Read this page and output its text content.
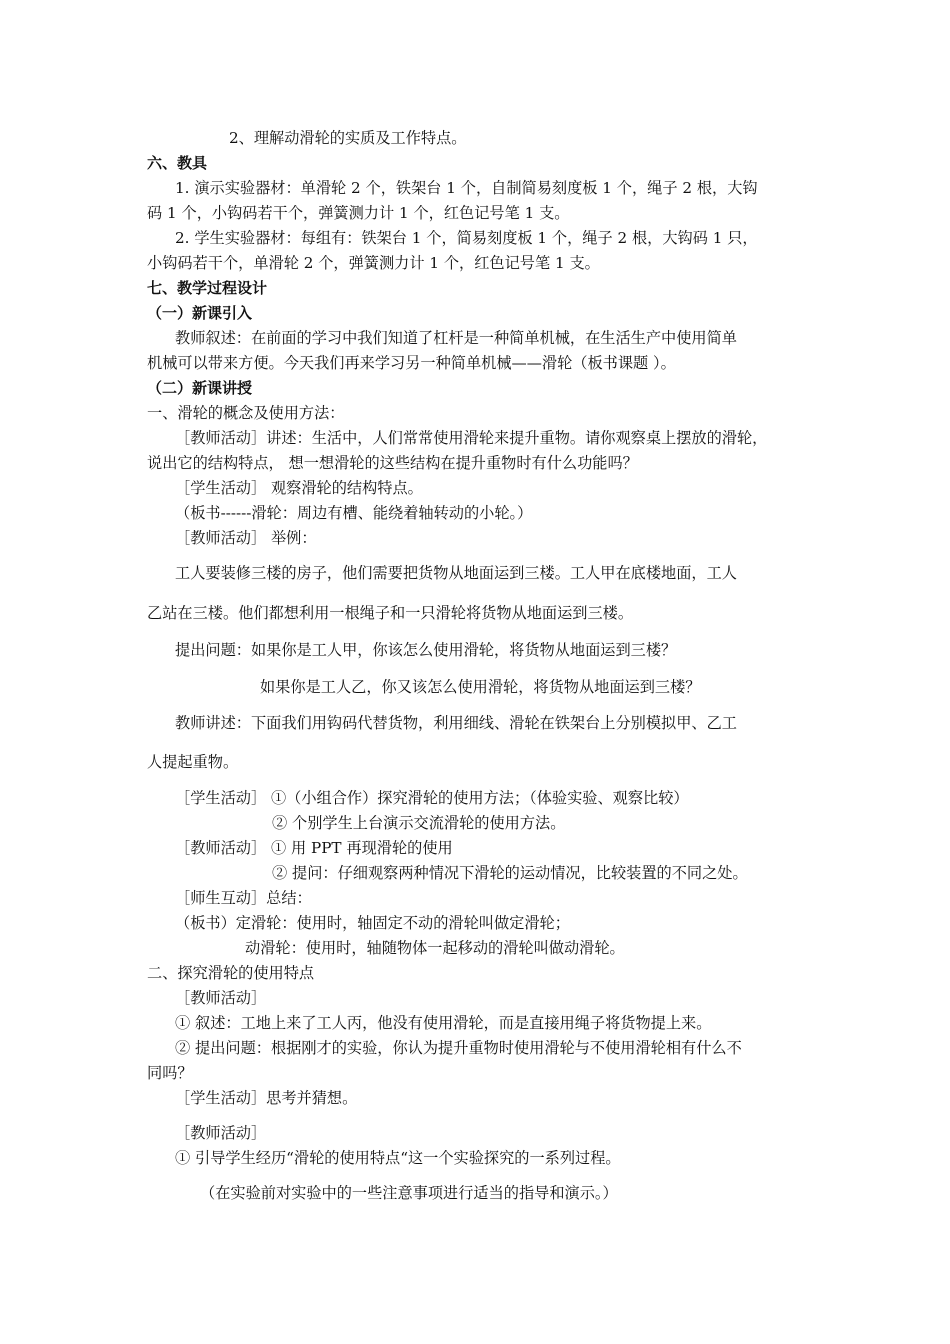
2、理解动滑轮的实质及工作特点。
六、教具
1. 演示实验器材：单滑轮 2 个，铁架台 1 个，自制简易刻度板 1 个，绳子 2 根，大钩
码 1 个，小钩码若干个，弹簧测力计 1 个，红色记号笔 1 支。
2. 学生实验器材：每组有：铁架台 1 个，简易刻度板 1 个，绳子 2 根，大钩码 1 只，
小钩码若干个，单滑轮 2 个，弹簧测力计 1 个，红色记号笔 1 支。
七、教学过程设计
（一）新课引入
教师叙述：在前面的学习中我们知道了杠杆是一种简单机械，在生活生产中使用简单
机械可以带来方便。今天我们再来学习另一种简单机械——滑轮（板书课题 ）。
（二）新课讲授
一、滑轮的概念及使用方法：
［教师活动］讲述：生活中，人们常常使用滑轮来提升重物。请你观察桌上摆放的滑轮，
说出它的结构特点， 想一想滑轮的这些结构在提升重物时有什么功能吗？
［学生活动］ 观察滑轮的结构特点。
（板书------滑轮：周边有槽、能绕着轴转动的小轮。）
［教师活动］ 举例：
工人要装修三楼的房子，他们需要把货物从地面运到三楼。工人甲在底楼地面，工人
乙站在三楼。他们都想利用一根绳子和一只滑轮将货物从地面运到三楼。
提出问题：如果你是工人甲，你该怎么使用滑轮，将货物从地面运到三楼？
如果你是工人乙，你又该怎么使用滑轮，将货物从地面运到三楼？
教师讲述：下面我们用钩码代替货物，利用细线、滑轮在铁架台上分别模拟甲、乙工
人提起重物。
［学生活动］ ①（小组合作）探究滑轮的使用方法；（体验实验、观察比较）
② 个别学生上台演示交流滑轮的使用方法。
［教师活动］ ① 用 PPT 再现滑轮的使用
② 提问：仔细观察两种情况下滑轮的运动情况，比较装置的不同之处。
［师生互动］总结：
（板书）定滑轮：使用时，轴固定不动的滑轮叫做定滑轮；
动滑轮：使用时，轴随物体一起移动的滑轮叫做动滑轮。
二、探究滑轮的使用特点
［教师活动］
① 叙述：工地上来了工人丙，他没有使用滑轮，而是直接用绳子将货物提上来。
② 提出问题：根据刚才的实验，你认为提升重物时使用滑轮与不使用滑轮相有什么不
同吗？
［学生活动］思考并猜想。
［教师活动］
① 引导学生经历“滑轮的使用特点“这一个实验探究的一系列过程。
（在实验前对实验中的一些注意事项进行适当的指导和演示。）
